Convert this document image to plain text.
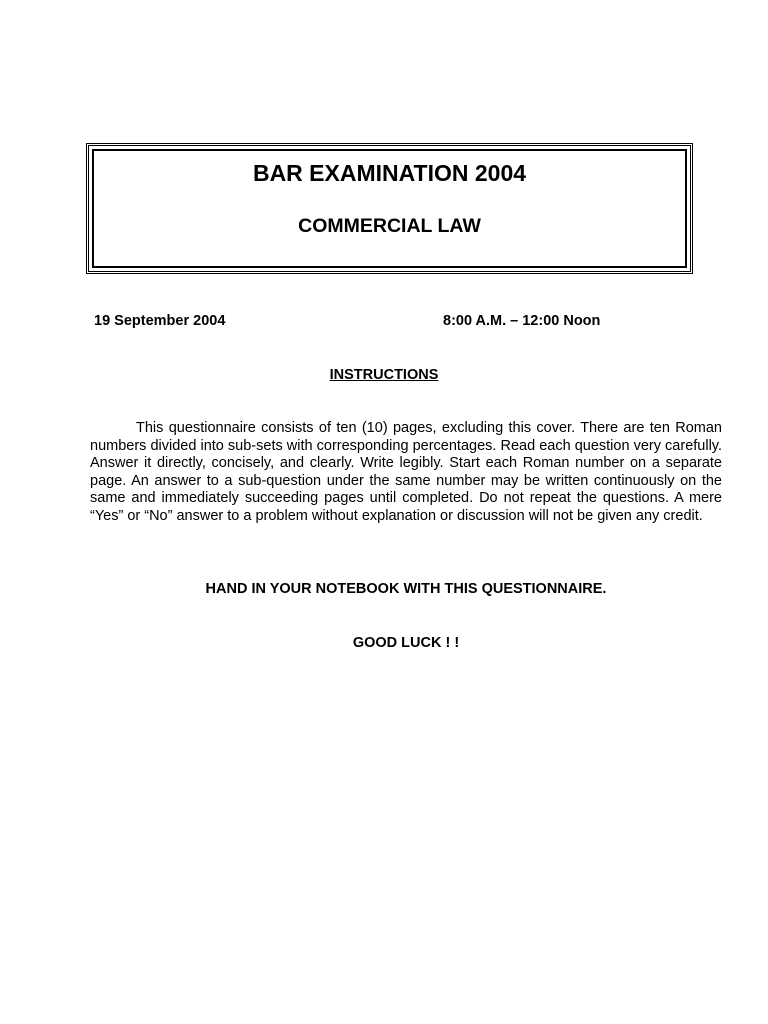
BAR EXAMINATION 2004
COMMERCIAL LAW
19 September 2004	8:00 A.M. – 12:00 Noon
INSTRUCTIONS

This questionnaire consists of ten (10) pages, excluding this cover. There are ten Roman numbers divided into sub-sets with corresponding percentages. Read each question very carefully. Answer it directly, concisely, and clearly. Write legibly. Start each Roman number on a separate page. An answer to a sub-question under the same number may be written continuously on the same and immediately succeeding pages until completed. Do not repeat the questions. A mere “Yes” or “No” answer to a problem without explanation or discussion will not be given any credit.

HAND IN YOUR NOTEBOOK WITH THIS QUESTIONNAIRE.
GOOD LUCK ! !
